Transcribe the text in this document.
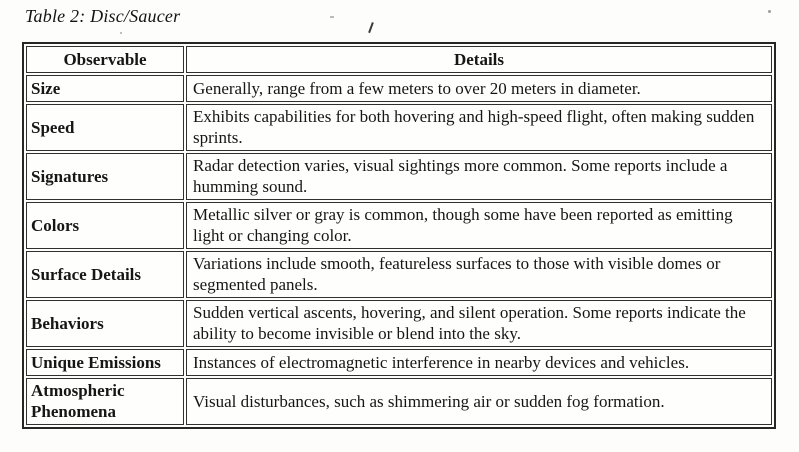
Table 2: Disc/Saucer
Observable	Details
Size	Generally, range from a few meters to over 20 meters in diameter.
Speed	Exhibits capabilities for both hovering and high-speed flight, often making sudden sprints.
Signatures	Radar detection varies, visual sightings more common. Some reports include a humming sound.
Colors	Metallic silver or gray is common, though some have been reported as emitting light or changing color.
Surface Details	Variations include smooth, featureless surfaces to those with visible domes or segmented panels.
Behaviors	Sudden vertical ascents, hovering, and silent operation. Some reports indicate the ability to become invisible or blend into the sky.
Unique Emissions	Instances of electromagnetic interference in nearby devices and vehicles.
Atmospheric Phenomena	Visual disturbances, such as shimmering air or sudden fog formation.
